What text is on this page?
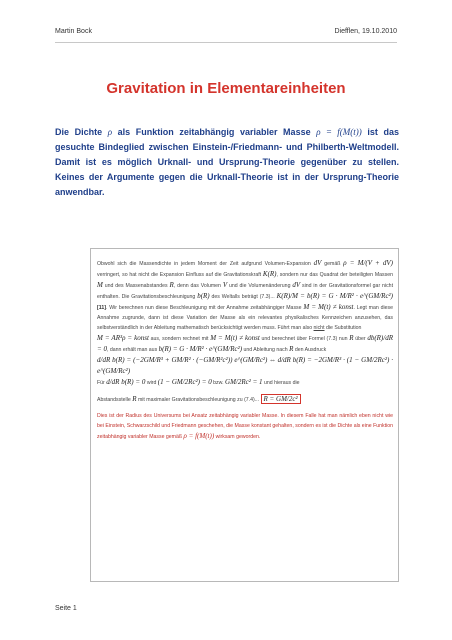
Martin Bock	Diefflen, 19.10.2010
Gravitation in Elementareinheiten
Die Dichte ρ als Funktion zeitabhängig variabler Masse ρ = f(M(t)) ist das gesuchte Bindeglied zwischen Einstein-/Friedmann- und Philberth-Weltmodell. Damit ist es möglich Urknall- und Ursprung-Theorie gegenüber zu stellen. Keines der Argumente gegen die Urknall-Theorie ist in der Ursprung-Theorie anwendbar.

Obwohl sich die Massendichte in jedem Moment der Zeit aufgrund Volumen-Expansion dV gemäß ρ = M/(V + dV) verringert, so hat nicht die Expansion Einfluss auf die Gravitationskraft K(R), sondern nur das Quadrat der beteiligten Massen M und des Massenabstandes R, denn das Volumen V und die Volumenänderung dV sind in der Gravitationsformel gar nicht enthalten. Die Gravitationsbeschleunigung b(R) des Weltalls beträgt (7.3)... K(R)/M = b(R) = G · M/R² · e^(GM/Rc²) [11]. Wir berechnen nun diese Beschleunigung mit der Annahme zeitabhängiger Masse M = M(t) ≠ konst. Legt man diese Annahme zugrunde, dann ist diese Variation der Masse als ein relevantes physikalisches Kennzeichen anzusehen, das selbstverständlich in der Ableitung mathematisch berücksichtigt werden muss. Führt man also nicht die Substitution
M = AR³ρ = konst aus, sondern rechnet mit M = M(t) ≠ konst und berechnet über Formel (7.3) nun R über db(R)/dR = 0, dann erhält man aus b(R) = G · M/R² · e^(GM/Rc²) und Ableitung nach R den Ausdruck

d/dR b(R) = (−2GM/R³ + GM/R² · (−GM/R²c²)) e^(GM/Rc²) ⇔ d/dR b(R) = −2GM/R³ · (1 − GM/2Rc²) · e^(GM/Rc²)

Für d/dR b(R) = 0 wird (1 − GM/2Rc²) = 0 bzw. GM/2Rc² = 1 und hieraus die

Abstandsstelle R mit maximaler Gravitationsbeschleunigung zu (7.4)... R = GM/2c²

Dies ist der Radius des Universums bei Ansatz zeitabhängig variabler Masse. In diesem Falle hat man nämlich eben nicht wie bei Einstein, Schwarzschild und Friedmann geschehen, die Masse konstant gehalten, sondern es ist die Dichte als eine Funktion zeitabhängig variabler Masse gemäß ρ = f(M(t)) wirksam geworden.

Seite 1
